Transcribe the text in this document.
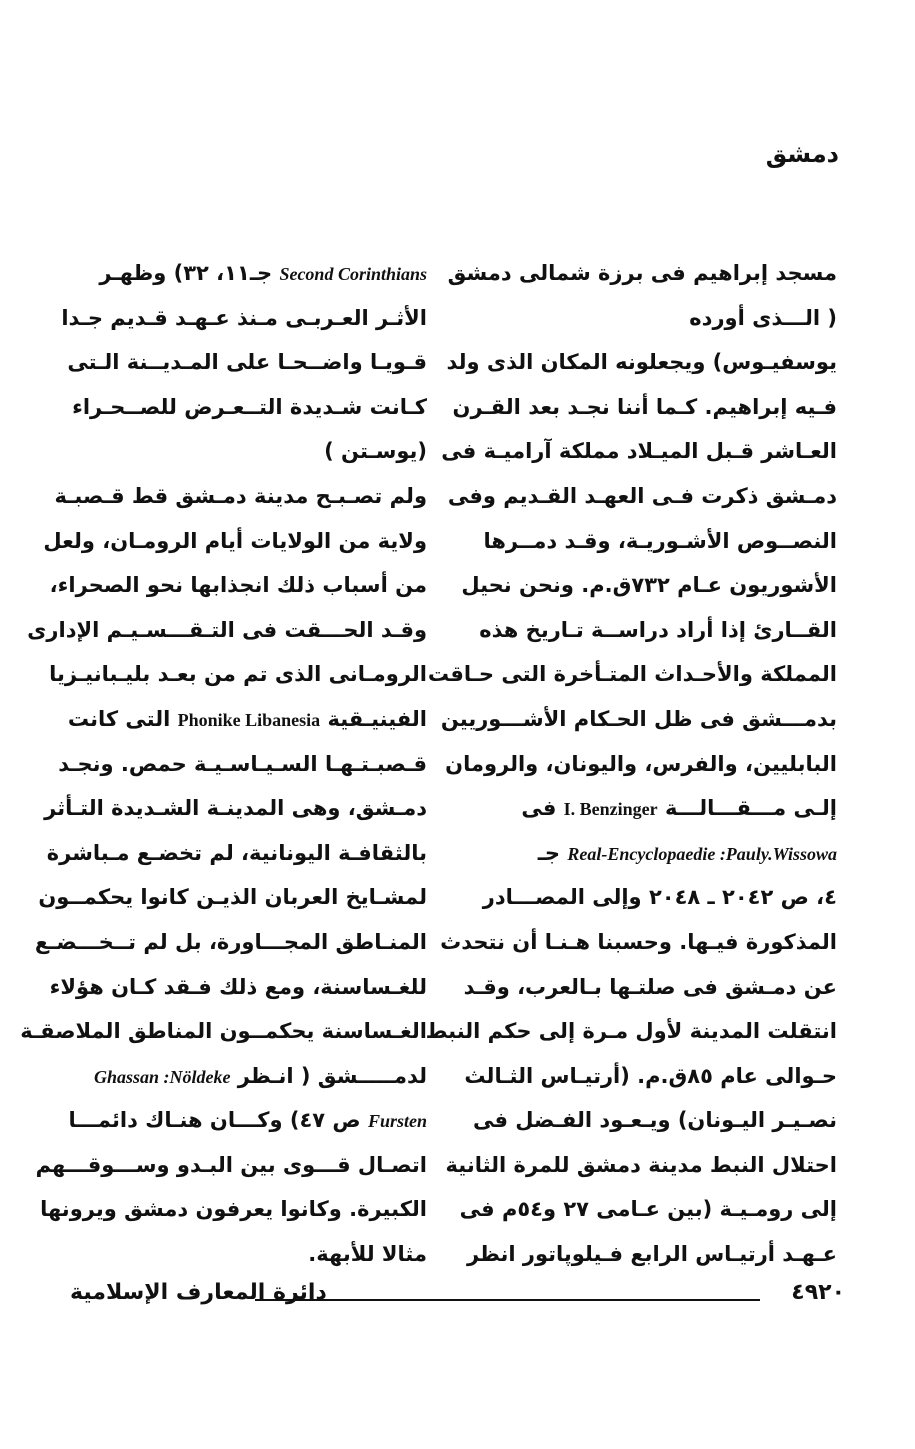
دمشق
مسجد إبراهيم فى برزة شمالى دمشق
( الـــذى أورده
يوسفيـوس) ويجعلونه المكان الذى ولد
فـيه إبراهيم. كـما أننا نجـد بعد القـرن
العـاشر قـبل الميـلاد مملكة آراميـة فى
دمـشق ذكرت فـى العهـد القـديم وفى
النصــوص الأشـوريـة، وقـد دمــرها
الأشوريون عـام ٧٣٢ق.م. ونحن نحيل
القــارئ إذا أراد دراســة تـاريخ هذه
المملكة والأحـداث المتـأخرة التى حـاقت
بدمـــشق فى ظل الحـكام الأشـــوريين
البابليين، والفرس، واليونان، والرومان
إلـى مـــقـــالـــة I. Benzinger فى
Real-Encyclopaedie :Pauly.Wissowa جـ
٤، ص ٢٠٤٢ ـ ٢٠٤٨ وإلى المصـــادر
المذكورة فيـها. وحسبنا هـنـا أن نتحدث
عن دمـشق فى صلتـها بـالعرب، وقـد
انتقلت المدينة لأول مـرة إلى حكم النبط
حـوالى عام ٨٥ق.م. (أرتيـاس الثـالث
نصـيـر اليـونان) ويـعـود الفـضل فى
احتلال النبط مدينة دمشق للمرة الثانية
إلى رومـيـة (بين عـامى ٢٧ و٥٤م فى
عـهـد أرتيـاس الرابع فـيلوپاتور انظر
Second Corinthians جـ١١، ٣٢) وظهـر
الأثـر العـربـى مـنذ عـهـد قـديم جـدا
قـويـا واضــحـا على المـديــنة الـتى
كـانت شـديدة التــعـرض للصــحـراء
(يوسـتن )
ولم تصـبـح مدينة دمـشق قط قـصبـة
ولاية من الولايات أيام الرومـان، ولعل
من أسباب ذلك انجذابها نحو الصحراء،
وقـد الحـــقت فى التـقـــسـيـم الإدارى
الرومـانى الذى تم من بعـد بليـبانيـزيا
الفينيـقية Phonike Libanesia التى كانت
قـصبـتـهـا السـيـاسـيـة حمص. ونجـد
دمـشق، وهى المدينـة الشـديدة التـأثر
بالثقافـة اليونانية، لم تخضـع مـباشرة
لمشـايخ العربان الذيـن كانوا يحكمــون
المنـاطق المجـــاورة، بل لم تــخـــضـع
للغـساسنة، ومع ذلك فـقد كـان هؤلاء
الغـساسنة يحكمــون المناطق الملاصقـة
لدمـــــشق ( انـظر Ghassan :Nöldeke
Fursten ص ٤٧) وكـــان هنـاك دائمـــا
اتصـال قـــوى بين البـدو وســـوقـــهم
الكبيرة. وكانوا يعرفون دمشق ويرونها
مثالا للأبهة.
٤٩٢٠
دائرة المعارف الإسلامية
